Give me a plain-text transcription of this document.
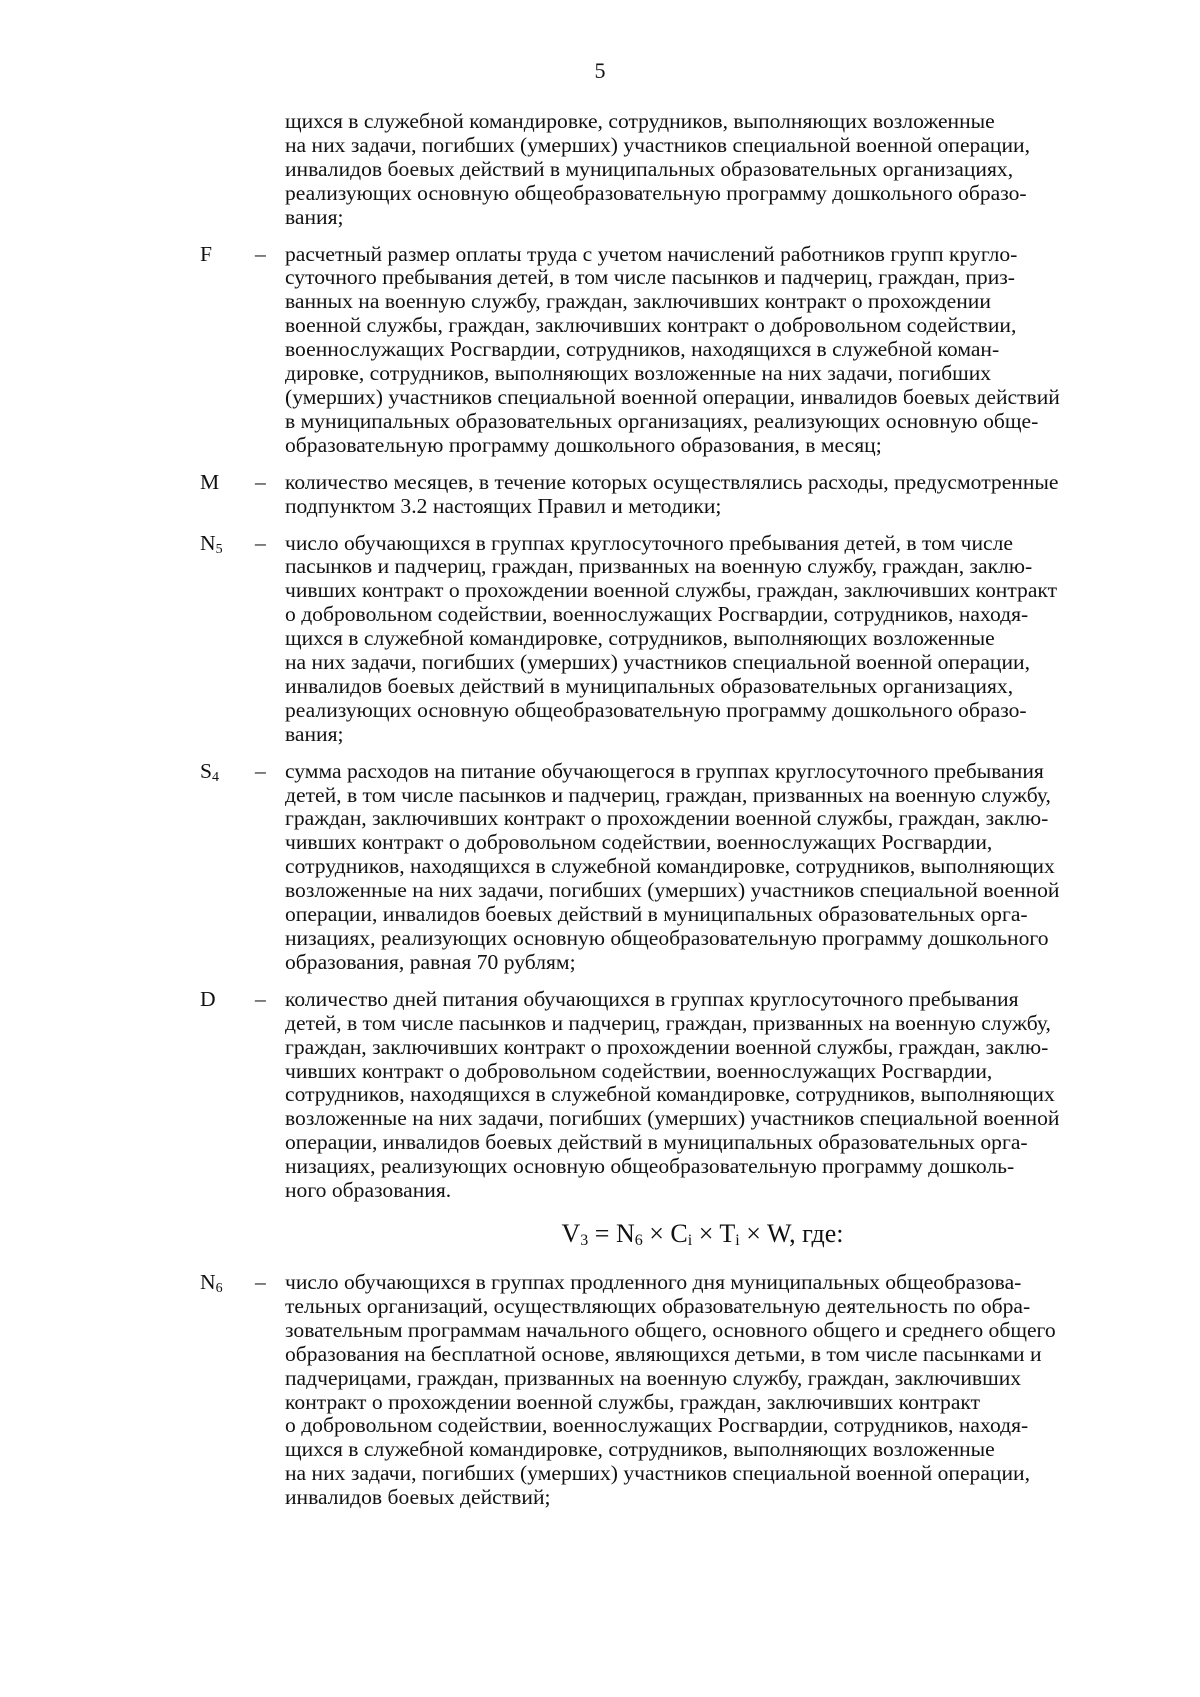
5
щихся в служебной командировке, сотрудников, выполняющих возложенные
на них задачи, погибших (умерших) участников специальной военной операции,
инвалидов боевых действий в муниципальных образовательных организациях,
реализующих основную общеобразовательную программу дошкольного образо-
вания;
F	– расчетный размер оплаты труда с учетом начислений работников групп кругло-
суточного пребывания детей, в том числе пасынков и падчериц, граждан, приз-
ванных на военную службу, граждан, заключивших контракт о прохождении
военной службы, граждан, заключивших контракт о добровольном содействии,
военнослужащих Росгвардии, сотрудников, находящихся в служебной коман-
дировке, сотрудников, выполняющих возложенные на них задачи, погибших
(умерших) участников специальной военной операции, инвалидов боевых действий
в муниципальных образовательных организациях, реализующих основную обще-
образовательную программу дошкольного образования, в месяц;
M	– количество месяцев, в течение которых осуществлялись расходы, предусмотренные
подпунктом 3.2 настоящих Правил и методики;
$N_5$	– число обучающихся в группах круглосуточного пребывания детей, в том числе
пасынков и падчериц, граждан, призванных на военную службу, граждан, заклю-
чивших контракт о прохождении военной службы, граждан, заключивших контракт
о добровольном содействии, военнослужащих Росгвардии, сотрудников, находя-
щихся в служебной командировке, сотрудников, выполняющих возложенные
на них задачи, погибших (умерших) участников специальной военной операции,
инвалидов боевых действий в муниципальных образовательных организациях,
реализующих основную общеобразовательную программу дошкольного образо-
вания;
$S_4$	– сумма расходов на питание обучающегося в группах круглосуточного пребывания
детей, в том числе пасынков и падчериц, граждан, призванных на военную службу,
граждан, заключивших контракт о прохождении военной службы, граждан, заклю-
чивших контракт о добровольном содействии, военнослужащих Росгвардии,
сотрудников, находящихся в служебной командировке, сотрудников, выполняющих
возложенные на них задачи, погибших (умерших) участников специальной военной
операции, инвалидов боевых действий в муниципальных образовательных орга-
низациях, реализующих основную общеобразовательную программу дошкольного
образования, равная 70 рублям;
D	– количество дней питания обучающихся в группах круглосуточного пребывания
детей, в том числе пасынков и падчериц, граждан, призванных на военную службу,
граждан, заключивших контракт о прохождении военной службы, граждан, заклю-
чивших контракт о добровольном содействии, военнослужащих Росгвардии,
сотрудников, находящихся в служебной командировке, сотрудников, выполняющих
возложенные на них задачи, погибших (умерших) участников специальной военной
операции, инвалидов боевых действий в муниципальных образовательных орга-
низациях, реализующих основную общеобразовательную программу дошколь-
ного образования.
$V_3 = N_6 \times C_i \times T_i \times W$, где:
$N_6$	– число обучающихся в группах продленного дня муниципальных общеобразова-
тельных организаций, осуществляющих образовательную деятельность по обра-
зовательным программам начального общего, основного общего и среднего общего
образования на бесплатной основе, являющихся детьми, в том числе пасынками и
падчерицами, граждан, призванных на военную службу, граждан, заключивших
контракт о прохождении военной службы, граждан, заключивших контракт
о добровольном содействии, военнослужащих Росгвардии, сотрудников, находя-
щихся в служебной командировке, сотрудников, выполняющих возложенные
на них задачи, погибших (умерших) участников специальной военной операции,
инвалидов боевых действий;
